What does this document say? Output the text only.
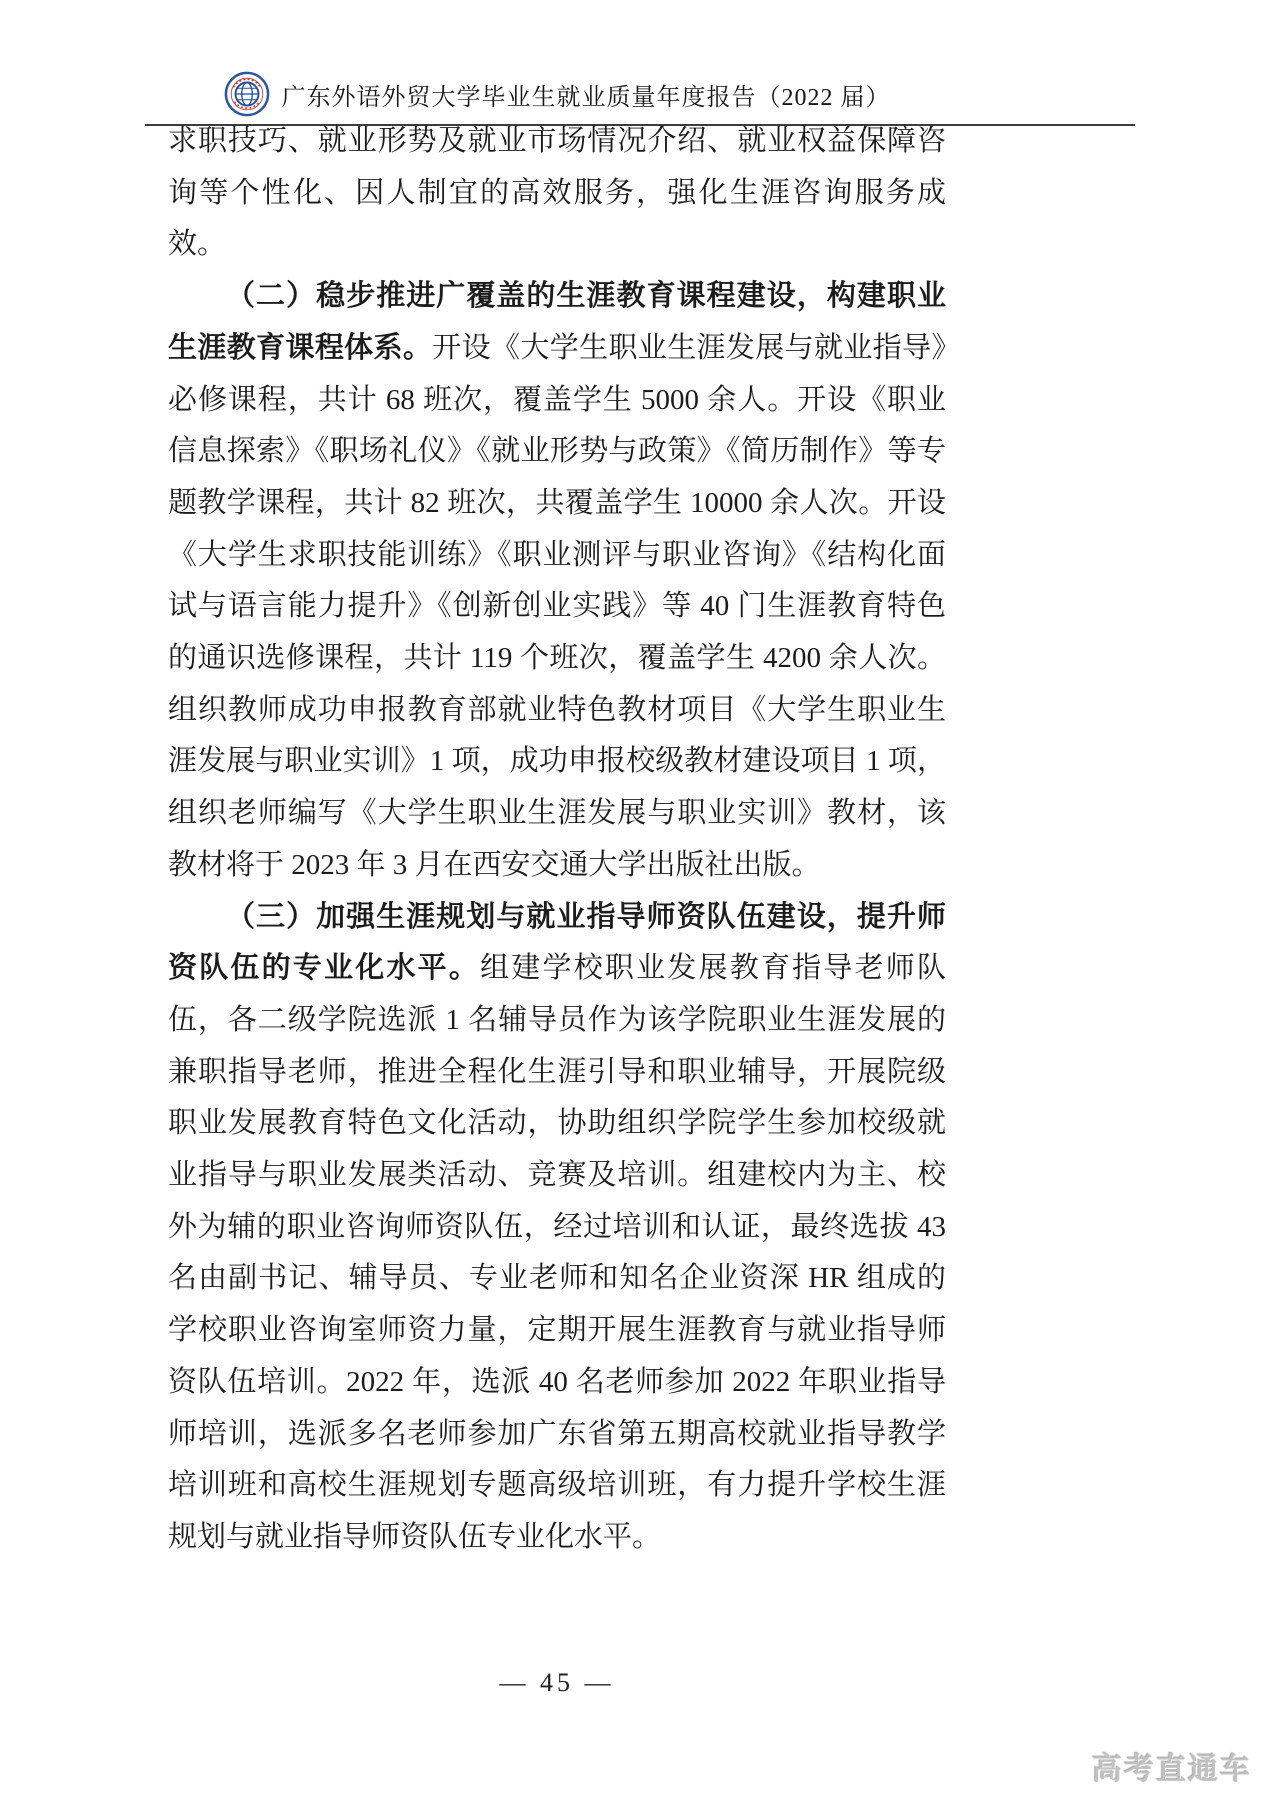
广东外语外贸大学毕业生就业质量年度报告（2022 届）

求职技巧、就业形势及就业市场情况介绍、就业权益保障咨询等个性化、因人制宜的高效服务，强化生涯咨询服务成效。

（二）稳步推进广覆盖的生涯教育课程建设，构建职业生涯教育课程体系。开设《大学生职业生涯发展与就业指导》必修课程，共计 68 班次，覆盖学生 5000 余人。开设《职业信息探索》《职场礼仪》《就业形势与政策》《简历制作》等专题教学课程，共计 82 班次，共覆盖学生 10000 余人次。开设《大学生求职技能训练》《职业测评与职业咨询》《结构化面试与语言能力提升》《创新创业实践》等 40 门生涯教育特色的通识选修课程，共计 119 个班次，覆盖学生 4200 余人次。组织教师成功申报教育部就业特色教材项目《大学生职业生涯发展与职业实训》1 项，成功申报校级教材建设项目 1 项，组织老师编写《大学生职业生涯发展与职业实训》教材，该教材将于 2023 年 3 月在西安交通大学出版社出版。

（三）加强生涯规划与就业指导师资队伍建设，提升师资队伍的专业化水平。组建学校职业发展教育指导老师队伍，各二级学院选派 1 名辅导员作为该学院职业生涯发展的兼职指导老师，推进全程化生涯引导和职业辅导，开展院级职业发展教育特色文化活动，协助组织学院学生参加校级就业指导与职业发展类活动、竞赛及培训。组建校内为主、校外为辅的职业咨询师资队伍，经过培训和认证，最终选拔 43 名由副书记、辅导员、专业老师和知名企业资深 HR 组成的学校职业咨询室师资力量，定期开展生涯教育与就业指导师资队伍培训。2022 年，选派 40 名老师参加 2022 年职业指导师培训，选派多名老师参加广东省第五期高校就业指导教学培训班和高校生涯规划专题高级培训班，有力提升学校生涯规划与就业指导师资队伍专业化水平。

— 45 —
高考直通车
